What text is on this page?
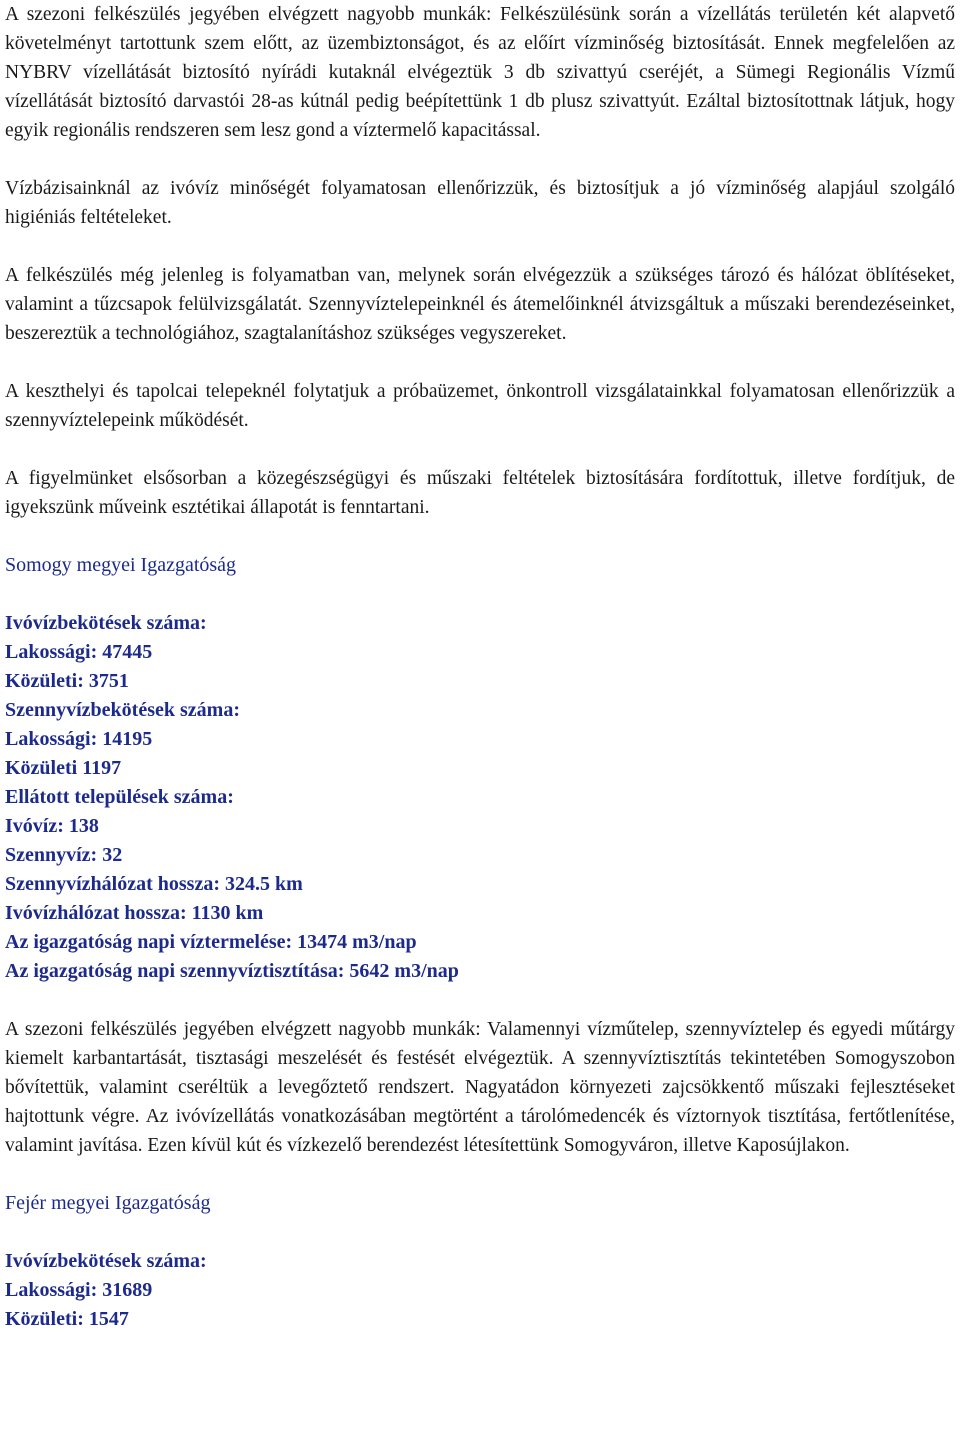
A szezoni felkészülés jegyében elvégzett nagyobb munkák: Felkészülésünk során a vízellátás területén két alapvető követelményt tartottunk szem előtt, az üzembiztonságot, és az előírt vízminőség biztosítását. Ennek megfelelően az NYBRV vízellátását biztosító nyírádi kutaknál elvégeztük 3 db szivattyú cseréjét, a Sümegi Regionális Vízmű vízellátását biztosító darvastói 28-as kútnál pedig beépítettünk 1 db plusz szivattyút. Ezáltal biztosítottnak látjuk, hogy egyik regionális rendszeren sem lesz gond a víztermelő kapacitással.

Vízbázisainknál az ivóvíz minőségét folyamatosan ellenőrizzük, és biztosítjuk a jó vízminőség alapjául szolgáló higiéniás feltételeket.

A felkészülés még jelenleg is folyamatban van, melynek során elvégezzük a szükséges tározó és hálózat öblítéseket, valamint a tűzcsapok felülvizsgálatát. Szennyvíztelepeinknél és átemelőinknél átvizsgáltuk a műszaki berendezéseinket, beszereztük a technológiához, szagtalanításhoz szükséges vegyszereket.

A keszthelyi és tapolcai telepeknél folytatjuk a próbaüzemet, önkontroll vizsgálatainkkal folyamatosan ellenőrizzük a szennyvíztelepeink működését.

A figyelmünket elsősorban a közegészségügyi és műszaki feltételek biztosítására fordítottuk, illetve fordítjuk, de igyekszünk műveink esztétikai állapotát is fenntartani.

Somogy megyei Igazgatóság
Ivóvízbekötések száma:
Lakossági: 47445
Közületi: 3751
Szennyvízbekötések száma:
Lakossági: 14195
Közületi 1197
Ellátott települések száma:
Ivóvíz: 138
Szennyvíz: 32
Szennyvízhálózat hossza: 324.5 km
Ivóvízhálózat hossza: 1130 km
Az igazgatóság napi víztermelése: 13474 m3/nap
Az igazgatóság napi szennyvíztisztítása: 5642 m3/nap

A szezoni felkészülés jegyében elvégzett nagyobb munkák: Valamennyi vízműtelep, szennyvíztelep és egyedi műtárgy kiemelt karbantartását, tisztasági meszelését és festését elvégeztük. A szennyvíztisztítás tekintetében Somogyszobon bővítettük, valamint cseréltük a levegőztető rendszert. Nagyatádon környezeti zajcsökkentő műszaki fejlesztéseket hajtottunk végre. Az ivóvízellátás vonatkozásában megtörtént a tárolómedencék és víztornyok tisztítása, fertőtlenítése, valamint javítása. Ezen kívül kút és vízkezelő berendezést létesítettünk Somogyváron, illetve Kaposújlakon.

Fejér megyei Igazgatóság
Ivóvízbekötések száma:
Lakossági: 31689
Közületi: 1547
